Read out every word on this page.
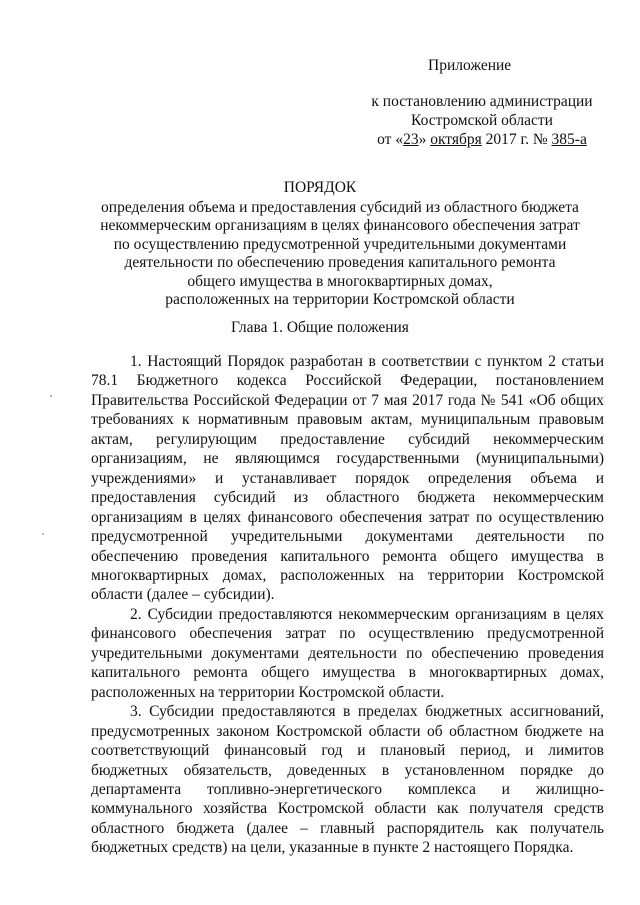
Приложение
к постановлению администрации
Костромской области
от «23» октября 2017 г. № 385-а
ПОРЯДОК
определения объема и предоставления субсидий из областного бюджета
некоммерческим организациям в целях финансового обеспечения затрат
по осуществлению предусмотренной учредительными документами
деятельности по обеспечению проведения капитального ремонта
общего имущества в многоквартирных домах,
расположенных на территории Костромской области
Глава 1. Общие положения

1. Настоящий Порядок разработан в соответствии с пунктом 2 статьи 78.1 Бюджетного кодекса Российской Федерации, постановлением Правительства Российской Федерации от 7 мая 2017 года № 541 «Об общих требованиях к нормативным правовым актам, муниципальным правовым актам, регулирующим предоставление субсидий некоммерческим организациям, не являющимся государственными (муниципальными) учреждениями» и устанавливает порядок определения объема и предоставления субсидий из областного бюджета некоммерческим организациям в целях финансового обеспечения затрат по осуществлению предусмотренной учредительными документами деятельности по обеспечению проведения капитального ремонта общего имущества в многоквартирных домах, расположенных на территории Костромской области (далее – субсидии).

2. Субсидии предоставляются некоммерческим организациям в целях финансового обеспечения затрат по осуществлению предусмотренной учредительными документами деятельности по обеспечению проведения капитального ремонта общего имущества в многоквартирных домах, расположенных на территории Костромской области.

3. Субсидии предоставляются в пределах бюджетных ассигнований, предусмотренных законом Костромской области об областном бюджете на соответствующий финансовый год и плановый период, и лимитов бюджетных обязательств, доведенных в установленном порядке до департамента топливно-энергетического комплекса и жилищно-коммунального хозяйства Костромской области как получателя средств областного бюджета (далее – главный распорядитель как получатель бюджетных средств) на цели, указанные в пункте 2 настоящего Порядка.
